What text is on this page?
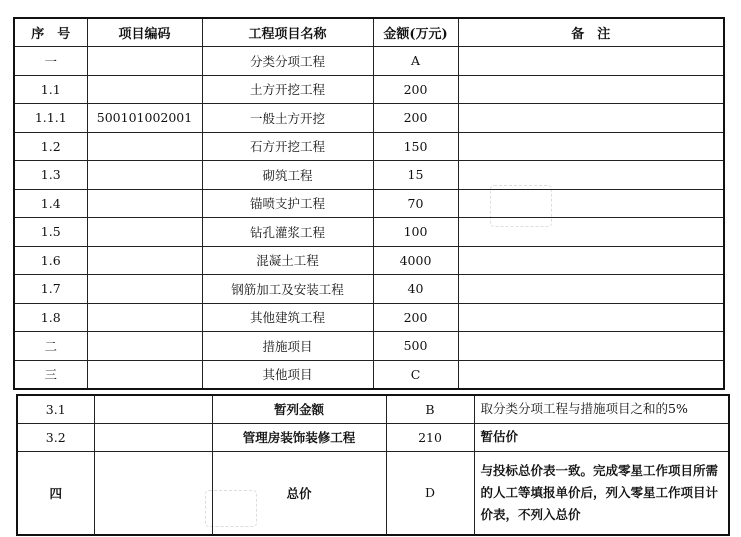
序　号	项目编码	工程项目名称	金额(万元)	备　注
一		分类分项工程	A	
1.1		土方开挖工程	200	
1.1.1	500101002001	一般土方开挖	200	
1.2		石方开挖工程	150	
1.3		砌筑工程	15	
1.4		锚喷支护工程	70	
1.5		钻孔灌浆工程	100	
1.6		混凝土工程	4000	
1.7		钢筋加工及安装工程	40	
1.8		其他建筑工程	200	
二		措施项目	500	
三		其他项目	C	
3.1		暂列金额	B	取分类分项工程与措施项目之和的5%
3.2		管理房装饰装修工程	210	暂估价
四		总价	D	与投标总价表一致。完成零星工作项目所需的人工等填报单价后，列入零星工作项目计价表，不列入总价
